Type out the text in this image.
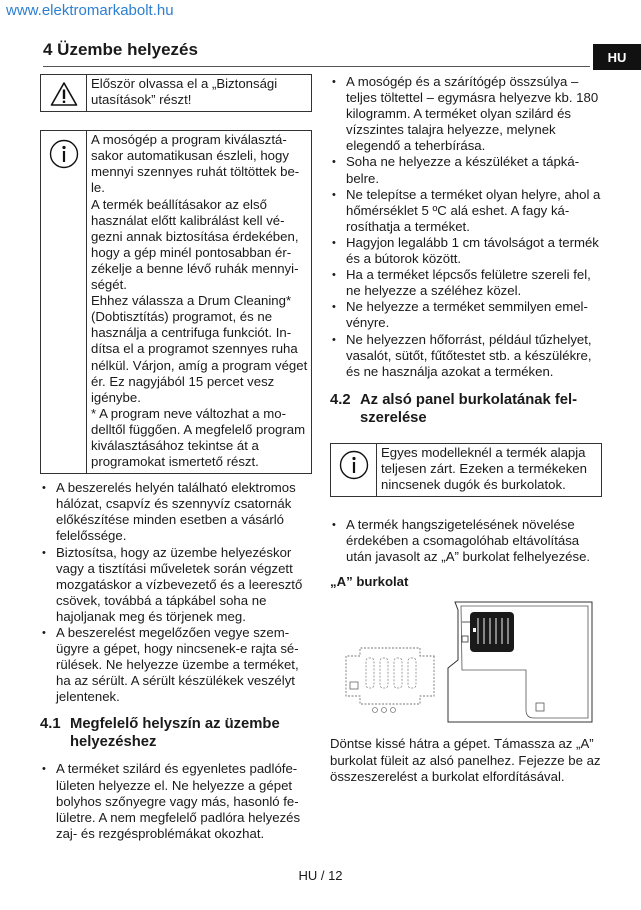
www.elektromarkabolt.hu
HU
4 Üzembe helyezés
Először olvassa el a „Biztonsági utasítások” részt!

A mosógép a program kiválasztásakor automatikusan észleli, hogy mennyi szennyes ruhát töltöttek bele.

A termék beállításakor az első használat előtt kalibrálást kell végezni annak biztosítása érdekében, hogy a gép minél pontosabban érzékelje a benne lévő ruhák mennyiségét.

Ehhez válassza a Drum Cleaning* (Dobtisztítás) programot, és ne használja a centrifuga funkciót. Indítsa el a programot szennyes ruha nélkül. Várjon, amíg a program véget ér. Ez nagyjából 15 percet vesz igénybe.

* A program neve változhat a modelltől függően. A megfelelő program kiválasztásához tekintse át a programokat ismertető részt.

• A beszerelés helyén található elektromos hálózat, csapvíz és szennyvíz csatornák előkészítése minden esetben a vásárló felelőssége.
• Biztosítsa, hogy az üzembe helyezéskor vagy a tisztítási műveletek során végzett mozgatáskor a vízbevezető és a leeresztő csövek, továbbá a tápkábel soha ne hajoljanak meg és törjenek meg.
• A beszerelést megelőzően vegye szemügyre a gépet, hogy nincsenek-e rajta sérülések. Ne helyezze üzembe a terméket, ha az sérült. A sérült készülékek veszélyt jelentenek.
4.1 Megfelelő helyszín az üzembe helyezéshez
• A terméket szilárd és egyenletes padlófelületen helyezze el. Ne helyezze a gépet bolyhos szőnyegre vagy más, hasonló felületre. A nem megfelelő padlóra helyezés zaj- és rezgésproblémákat okozhat.
• A mosógép és a szárítógép összsúlya – teljes töltettel – egymásra helyezve kb. 180 kilogramm. A terméket olyan szilárd és vízszintes talajra helyezze, melynek elegendő a teherbírása.
• Soha ne helyezze a készüléket a tápkábelre.
• Ne telepítse a terméket olyan helyre, ahol a hőmérséklet 5 ºC alá eshet. A fagy károsíthatja a terméket.
• Hagyjon legalább 1 cm távolságot a termék és a bútorok között.
• Ha a terméket lépcsős felületre szereli fel, ne helyezze a széléhez közel.
• Ne helyezze a terméket semmilyen emelvényre.
• Ne helyezzen hőforrást, például tűzhelyet, vasalót, sütőt, fűtőtestet stb. a készülékre, és ne használja azokat a terméken.
4.2 Az alsó panel burkolatának felszerelése
Egyes modelleknél a termék alapja teljesen zárt. Ezeken a termékeken nincsenek dugók és burkolatok.
• A termék hangszigetelésének növelése érdekében a csomagolóhab eltávolítása után javasolt az „A” burkolat felhelyezése.

„A” burkolat

Döntse kissé hátra a gépet. Támassza az „A” burkolat füleit az alsó panelhez. Fejezze be az összeszerelést a burkolat elfordításával.

HU / 12
